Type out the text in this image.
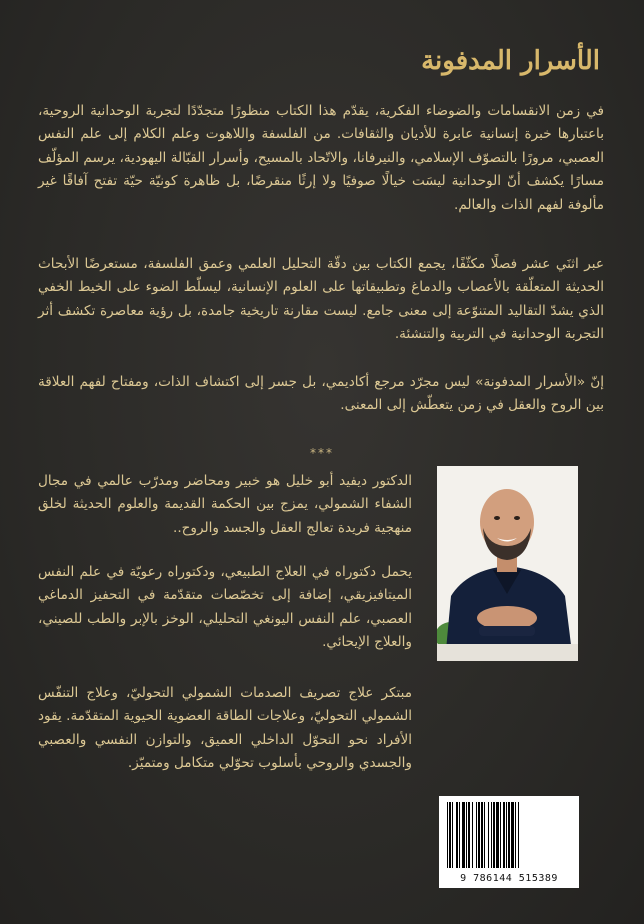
الأسرار المدفونة
في زمن الانقسامات والضوضاء الفكرية، يقدّم هذا الكتاب منظورًا متجدّدًا لتجربة الوحدانية الروحية، باعتبارها خبرة إنسانية عابرة للأديان والثقافات. من الفلسفة واللاهوت وعلم الكلام إلى علم النفس العصبي، مرورًا بالتصوّف الإسلامي، والنيرفانا، والاتّحاد بالمسيح، وأسرار القبّالة اليهودية، يرسم المؤلّف مسارًا يكشف أنّ الوحدانية ليسَت خيالًا صوفيًا ولا إرثًا منقرضًا، بل ظاهرة كونيّة حيّة تفتح آفاقًا غير مألوفة لفهم الذات والعالم.
عبر اثنَي عشر فصلًا مكثّفًا، يجمع الكتاب بين دقّة التحليل العلمي وعمق الفلسفة، مستعرضًا الأبحاث الحديثة المتعلّقة بالأعصاب والدماغ وتطبيقاتها على العلوم الإنسانية، ليسلّط الضوء على الخيط الخفي الذي يشدّ التقاليد المتنوّعة إلى معنى جامع. ليست مقارنة تاريخية جامدة، بل رؤية معاصرة تكشف أثر التجربة الوحدانية في التربية والتنشئة.
إنّ «الأسرار المدفونة» ليس مجرّد مرجع أكاديمي، بل جسر إلى اكتشاف الذات، ومفتاح لفهم العلاقة بين الروح والعقل في زمن يتعطّش إلى المعنى.
***
الدكتور ديفيد أبو خليل هو خبير ومحاضر ومدرّب عالمي في مجال الشفاء الشمولي، يمزج بين الحكمة القديمة والعلوم الحديثة لخلق منهجية فريدة تعالج العقل والجسد والروح..
يحمل دكتوراه في العلاج الطبيعي، ودكتوراه رعويّة في علم النفس الميتافيزيقي، إضافة إلى تخصّصات متقدّمة في التحفيز الدماغي العصبي، علم النفس اليونغي التحليلي، الوخز بالإبر والطب للصيني، والعلاج الإيحائي.
مبتكر علاج تصريف الصدمات الشمولي التحوليّ، وعلاج التنفّس الشمولي التحوليّ، وعلاجات الطاقة العضوية الحيوية المتقدّمة. يقود الأفراد نحو التحوّل الداخلي العميق، والتوازن النفسي والعصبي والجسدي والروحي بأسلوب تحوّلي متكامل ومتميّز.
9 786144 515389
